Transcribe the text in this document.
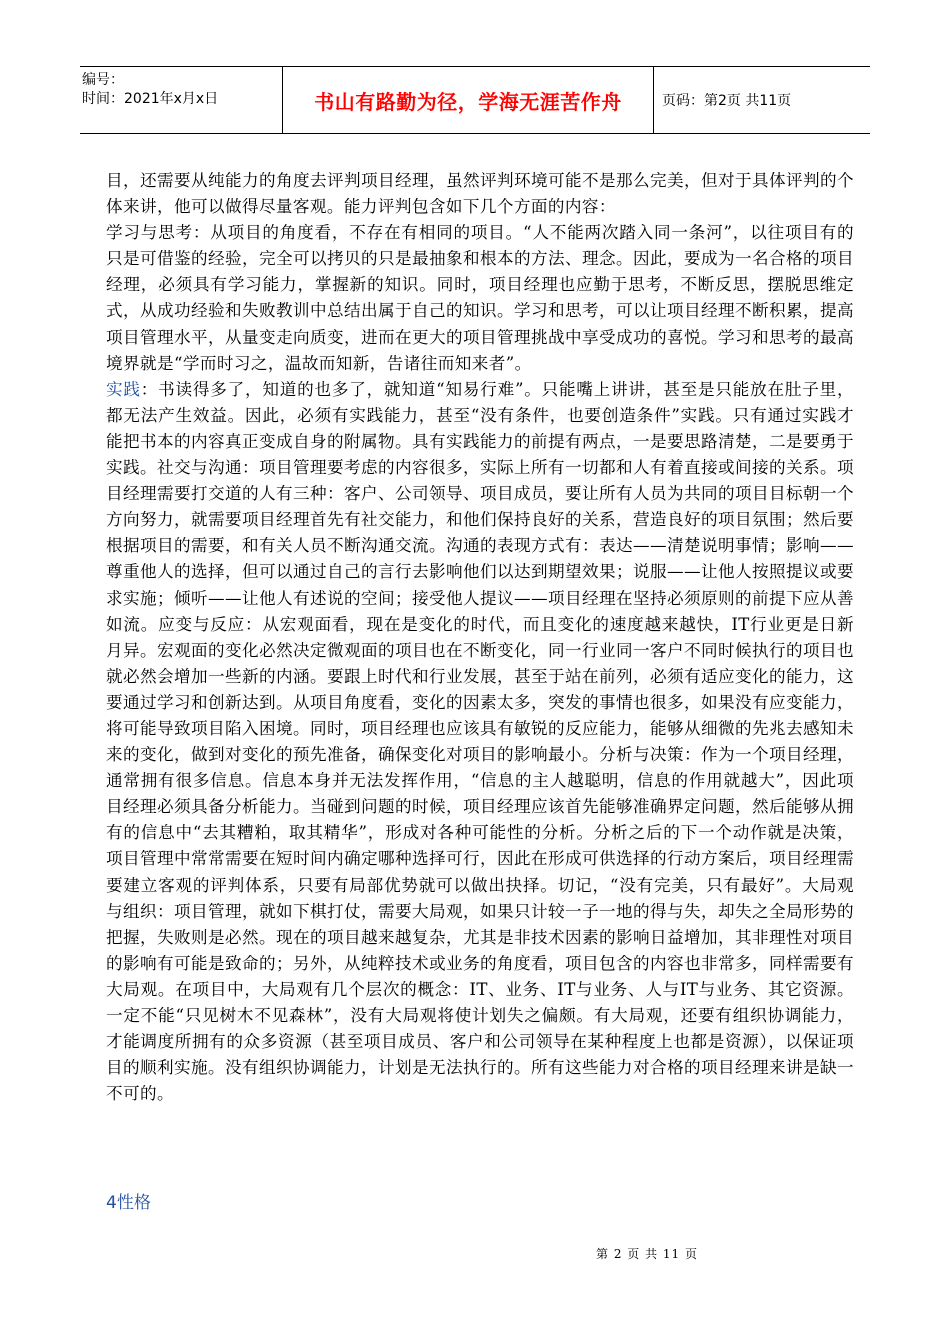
编号：
时间：2021年x月x日	书山有路勤为径，学海无涯苦作舟	页码：第2页 共11页

目，还需要从纯能力的角度去评判项目经理，虽然评判环境可能不是那么完美，但对于具体评判的个体来讲，他可以做得尽量客观。能力评判包含如下几个方面的内容：

学习与思考：从项目的角度看，不存在有相同的项目。“人不能两次踏入同一条河”，以往项目有的只是可借鉴的经验，完全可以拷贝的只是最抽象和根本的方法、理念。因此，要成为一名合格的项目经理，必须具有学习能力，掌握新的知识。同时，项目经理也应勤于思考，不断反思，摆脱思维定式，从成功经验和失败教训中总结出属于自己的知识。学习和思考，可以让项目经理不断积累，提高项目管理水平，从量变走向质变，进而在更大的项目管理挑战中享受成功的喜悦。学习和思考的最高境界就是“学而时习之，温故而知新，告诸往而知来者”。

实践：书读得多了，知道的也多了，就知道“知易行难”。只能嘴上讲讲，甚至是只能放在肚子里，都无法产生效益。因此，必须有实践能力，甚至“没有条件，也要创造条件”实践。只有通过实践才能把书本的内容真正变成自身的附属物。具有实践能力的前提有两点，一是要思路清楚，二是要勇于实践。社交与沟通：项目管理要考虑的内容很多，实际上所有一切都和人有着直接或间接的关系。项目经理需要打交道的人有三种：客户、公司领导、项目成员，要让所有人员为共同的项目目标朝一个方向努力，就需要项目经理首先有社交能力，和他们保持良好的关系，营造良好的项目氛围；然后要根据项目的需要，和有关人员不断沟通交流。沟通的表现方式有：表达——清楚说明事情；影响——尊重他人的选择，但可以通过自己的言行去影响他们以达到期望效果；说服——让他人按照提议或要求实施；倾听——让他人有述说的空间；接受他人提议——项目经理在坚持必须原则的前提下应从善如流。应变与反应：从宏观面看，现在是变化的时代，而且变化的速度越来越快，IT行业更是日新月异。宏观面的变化必然决定微观面的项目也在不断变化，同一行业同一客户不同时候执行的项目也就必然会增加一些新的内涵。要跟上时代和行业发展，甚至于站在前列，必须有适应变化的能力，这要通过学习和创新达到。从项目角度看，变化的因素太多，突发的事情也很多，如果没有应变能力，将可能导致项目陷入困境。同时，项目经理也应该具有敏锐的反应能力，能够从细微的先兆去感知未来的变化，做到对变化的预先准备，确保变化对项目的影响最小。分析与决策：作为一个项目经理，通常拥有很多信息。信息本身并无法发挥作用，“信息的主人越聪明，信息的作用就越大”，因此项目经理必须具备分析能力。当碰到问题的时候，项目经理应该首先能够准确界定问题，然后能够从拥有的信息中“去其糟粕，取其精华”，形成对各种可能性的分析。分析之后的下一个动作就是决策，项目管理中常常需要在短时间内确定哪种选择可行，因此在形成可供选择的行动方案后，项目经理需要建立客观的评判体系，只要有局部优势就可以做出抉择。切记，“没有完美，只有最好”。大局观与组织：项目管理，就如下棋打仗，需要大局观，如果只计较一子一地的得与失，却失之全局形势的把握，失败则是必然。现在的项目越来越复杂，尤其是非技术因素的影响日益增加，其非理性对项目的影响有可能是致命的；另外，从纯粹技术或业务的角度看，项目包含的内容也非常多，同样需要有大局观。在项目中，大局观有几个层次的概念：IT、业务、IT与业务、人与IT与业务、其它资源。一定不能“只见树木不见森林”，没有大局观将使计划失之偏颇。有大局观，还要有组织协调能力，才能调度所拥有的众多资源（甚至项目成员、客户和公司领导在某种程度上也都是资源），以保证项目的顺利实施。没有组织协调能力，计划是无法执行的。所有这些能力对合格的项目经理来讲是缺一不可的。

4性格
第 2 页 共 11 页
